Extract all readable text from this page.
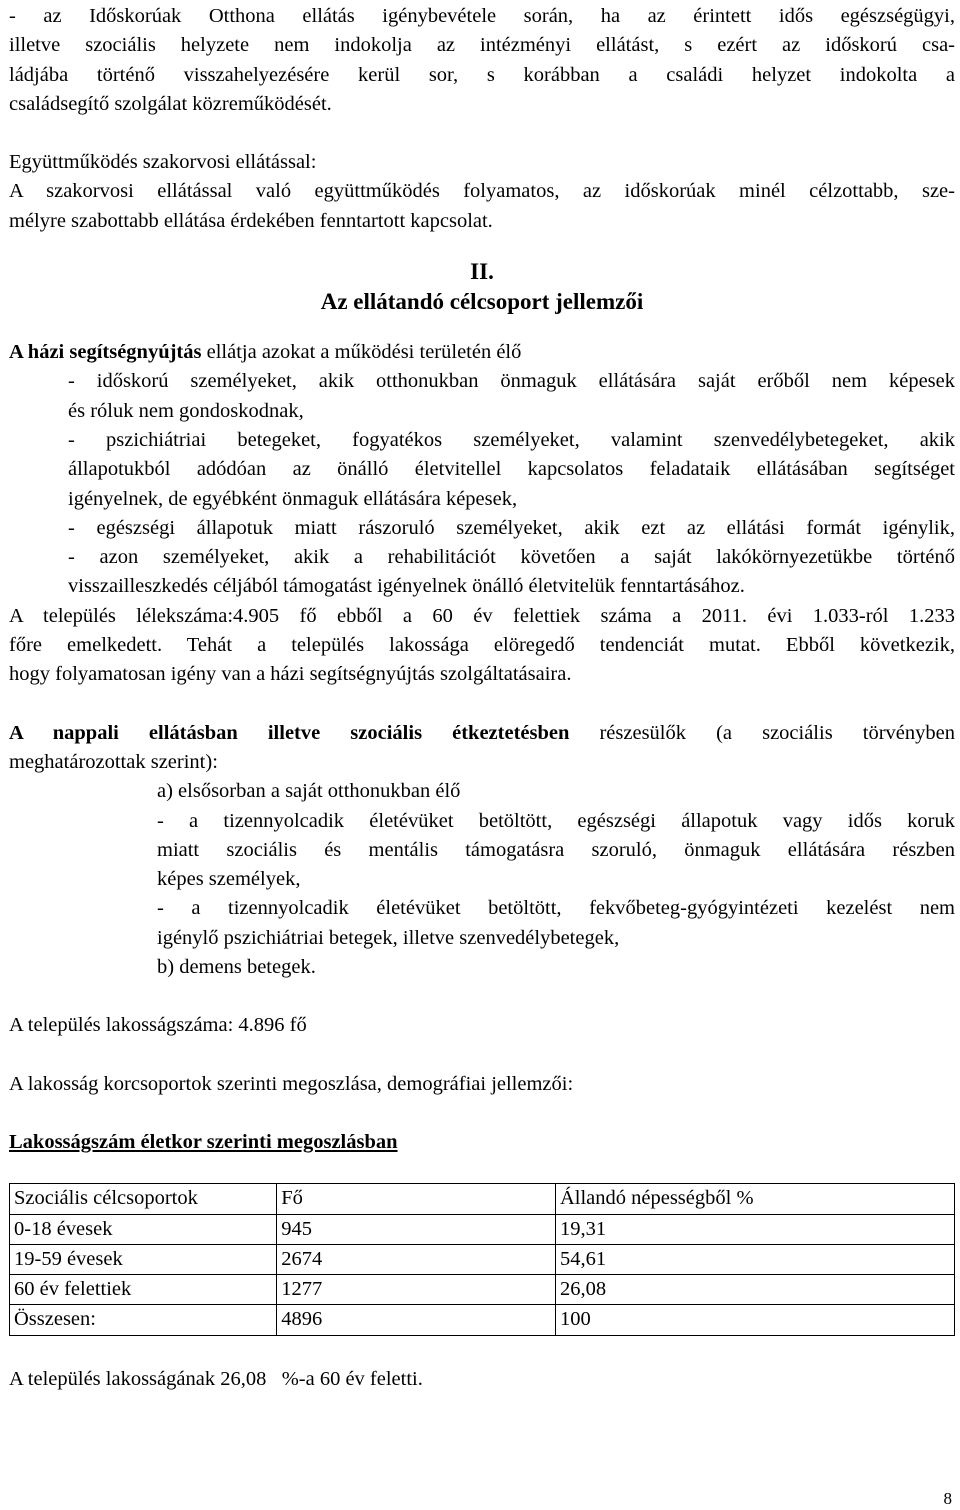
- az Időskorúak Otthona ellátás igénybevétele során, ha az érintett idős egészségügyi,

illetve szociális helyzete nem indokolja az intézményi ellátást, s ezért az időskorú csa-

ládjába történő visszahelyezésére kerül sor, s korábban a családi helyzet indokolta a

családsegítő szolgálat közreműködését.

Együttműködés szakorvosi ellátással:

A szakorvosi ellátással való együttműködés folyamatos, az időskorúak minél célzottabb, sze-

mélyre szabottabb ellátása érdekében fenntartott kapcsolat.

II.
Az ellátandó célcsoport jellemzői

A házi segítségnyújtás ellátja azokat a működési területén élő

- időskorú személyeket, akik otthonukban önmaguk ellátására saját erőből nem képesek

és róluk nem gondoskodnak,

- pszichiátriai betegeket, fogyatékos személyeket, valamint szenvedélybetegeket, akik

állapotukból adódóan az önálló életvitellel kapcsolatos feladataik ellátásában segítséget

igényelnek, de egyébként önmaguk ellátására képesek,

- egészségi állapotuk miatt rászoruló személyeket, akik ezt az ellátási formát igénylik,

- azon személyeket, akik a rehabilitációt követően a saját lakókörnyezetükbe történő

visszailleszkedés céljából támogatást igényelnek önálló életvitelük fenntartásához.

A település lélekszáma:4.905 fő ebből a 60 év felettiek száma a 2011. évi 1.033-ról 1.233

főre emelkedett. Tehát a település lakossága elöregedő tendenciát mutat. Ebből következik,

hogy folyamatosan igény van a házi segítségnyújtás szolgáltatásaira.

A nappali ellátásban illetve szociális étkeztetésben részesülők (a szociális törvényben

meghatározottak szerint):

a) elsősorban a saját otthonukban élő

- a tizennyolcadik életévüket betöltött, egészségi állapotuk vagy idős koruk

miatt szociális és mentális támogatásra szoruló, önmaguk ellátására részben

képes személyek,

- a tizennyolcadik életévüket betöltött, fekvőbeteg-gyógyintézeti kezelést nem

igénylő pszichiátriai betegek, illetve szenvedélybetegek,

b) demens betegek.

A település lakosságszáma: 4.896 fő

A lakosság korcsoportok szerinti megoszlása, demográfiai jellemzői:

Lakosságszám életkor szerinti megoszlásban

Szociális célcsoportok	Fő	Állandó népességből %
0-18 évesek	945	19,31
19-59 évesek	2674	54,61
60 év felettiek	1277	26,08
Összesen:	4896	100

A település lakosságának 26,08   %-a 60 év feletti.

8
